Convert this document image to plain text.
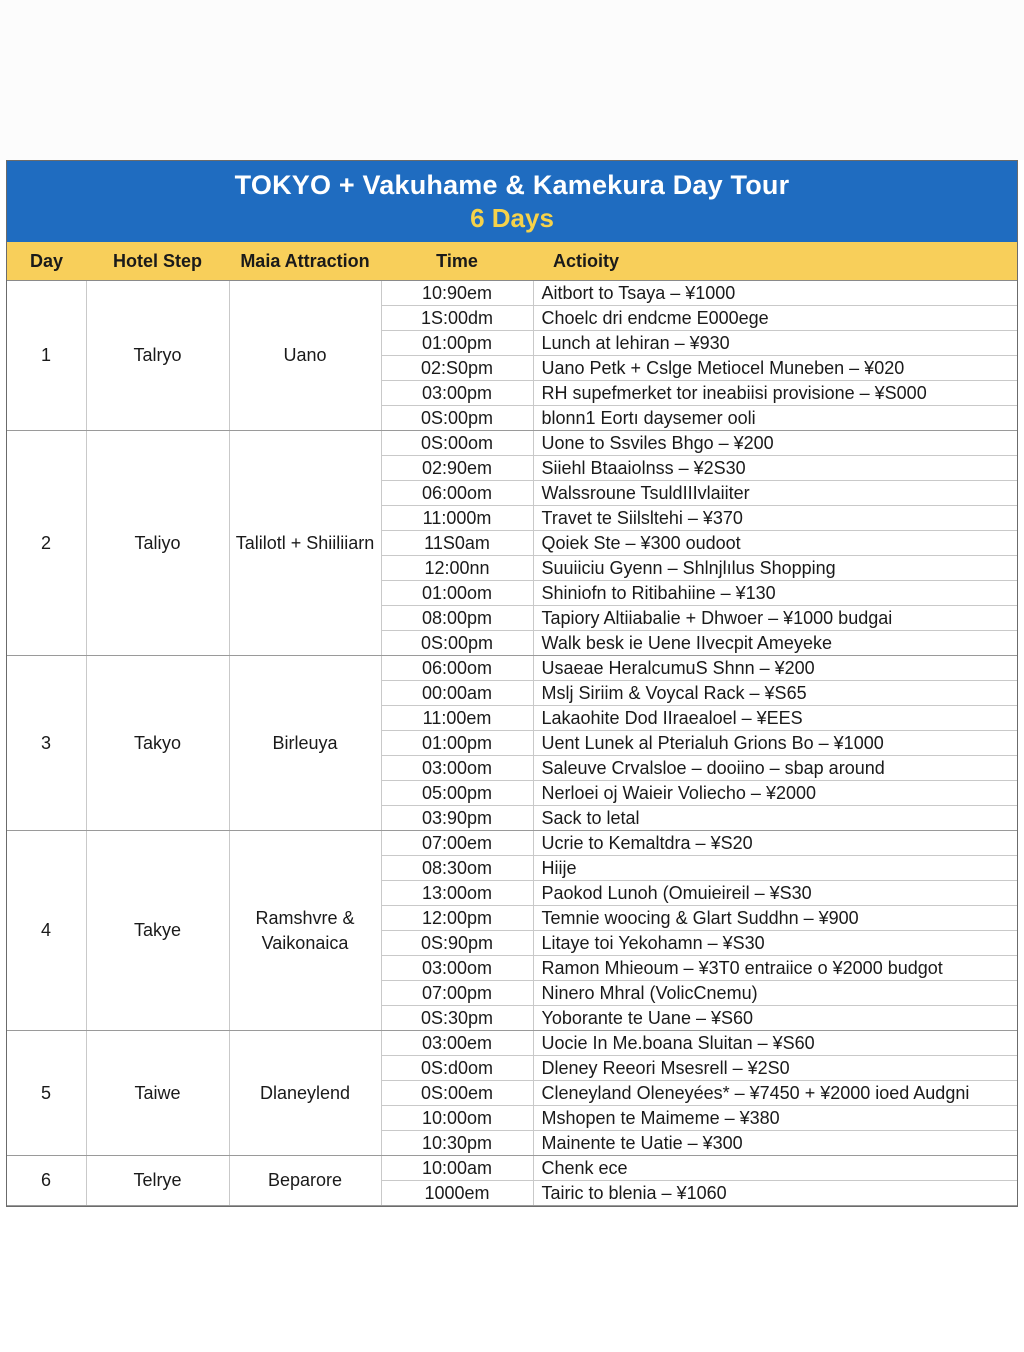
TOKYO + Vakuhame & Kamekura Day Tour
6 Days
Day	Hotel Step	Maia Attraction	Time	Actioity
1	Talryo	Uano	10:90em	Aitbort to Tsaya – ¥1000
			1S:00dm	Choelc dri endcme E000ege
			01:00pm	Lunch at lehiran – ¥930
			02:S0pm	Uano Petk + Cslge Metiocel Muneben – ¥020
			03:00pm	RH supefmerket tor ineabiisi provisione – ¥S000
			0S:00pm	blonn1 Eortı daysemer ooli
2	Taliyo	Talilotl + Shiiliiarn	0S:00om	Uone to Ssviles Bhgo – ¥200
			02:90em	Siiehl Btaaiolnss – ¥2S30
			06:00om	Walssroune TsuldIIIvlaiiter
			11:000m	Travet te Siilsltehi – ¥370
			11S0am	Qoiek Ste – ¥300 oudoot
			12:00nn	Suuiiciu Gyenn – Shlnjlılus Shopping
			01:00om	Shiniofn to Ritibahiine – ¥130
			08:00pm	Tapiory Altiiabalie + Dhwoer – ¥1000 budgai
			0S:00pm	Walk besk ie Uene IIvecpit Ameyeke
3	Takyo	Birleuya	06:00om	Usaeae HeralcumuS Shnn – ¥200
			00:00am	Mslj Siriim & Voycal Rack – ¥S65
			11:00em	Lakaohite Dod IIraealoel – ¥EES
			01:00pm	Uent Lunek al Pterialuh Grions Bo – ¥1000
			03:00om	Saleuve Crvalsloe – dooiino – sbap around
			05:00pm	Nerloei oj Waieir Voliecho – ¥2000
			03:90pm	Sack to letal
4	Takye	Ramshvre & Vaikonaica	07:00em	Ucrie to Kemaltdra – ¥S20
			08:30om	Hiije
			13:00om	Paokod Lunoh (Omuieireil – ¥S30
			12:00pm	Temnie woocing & Glart Suddhn – ¥900
			0S:90pm	Litaye toi Yekohamn – ¥S30
			03:00om	Ramon Mhieoum – ¥3T0 entraiice o ¥2000 budgot
			07:00pm	Ninero Mhral (VolicCnemu)
			0S:30pm	Yoborante te Uane – ¥S60
5	Taiwe	Dlaneylend	03:00em	Uocie In Me.boana Sluitan – ¥S60
			0S:d0om	Dleney Reeori Msesrell – ¥2S0
			0S:00em	Cleneyland Oleneyées* – ¥7450 + ¥2000 ioed Audgni
			10:00om	Mshopen te Maimeme – ¥380
			10:30pm	Mainente te Uatie – ¥300
6	Telrye	Beparore	10:00am	Chenk ece
			1000em	Tairic to blenia – ¥1060
